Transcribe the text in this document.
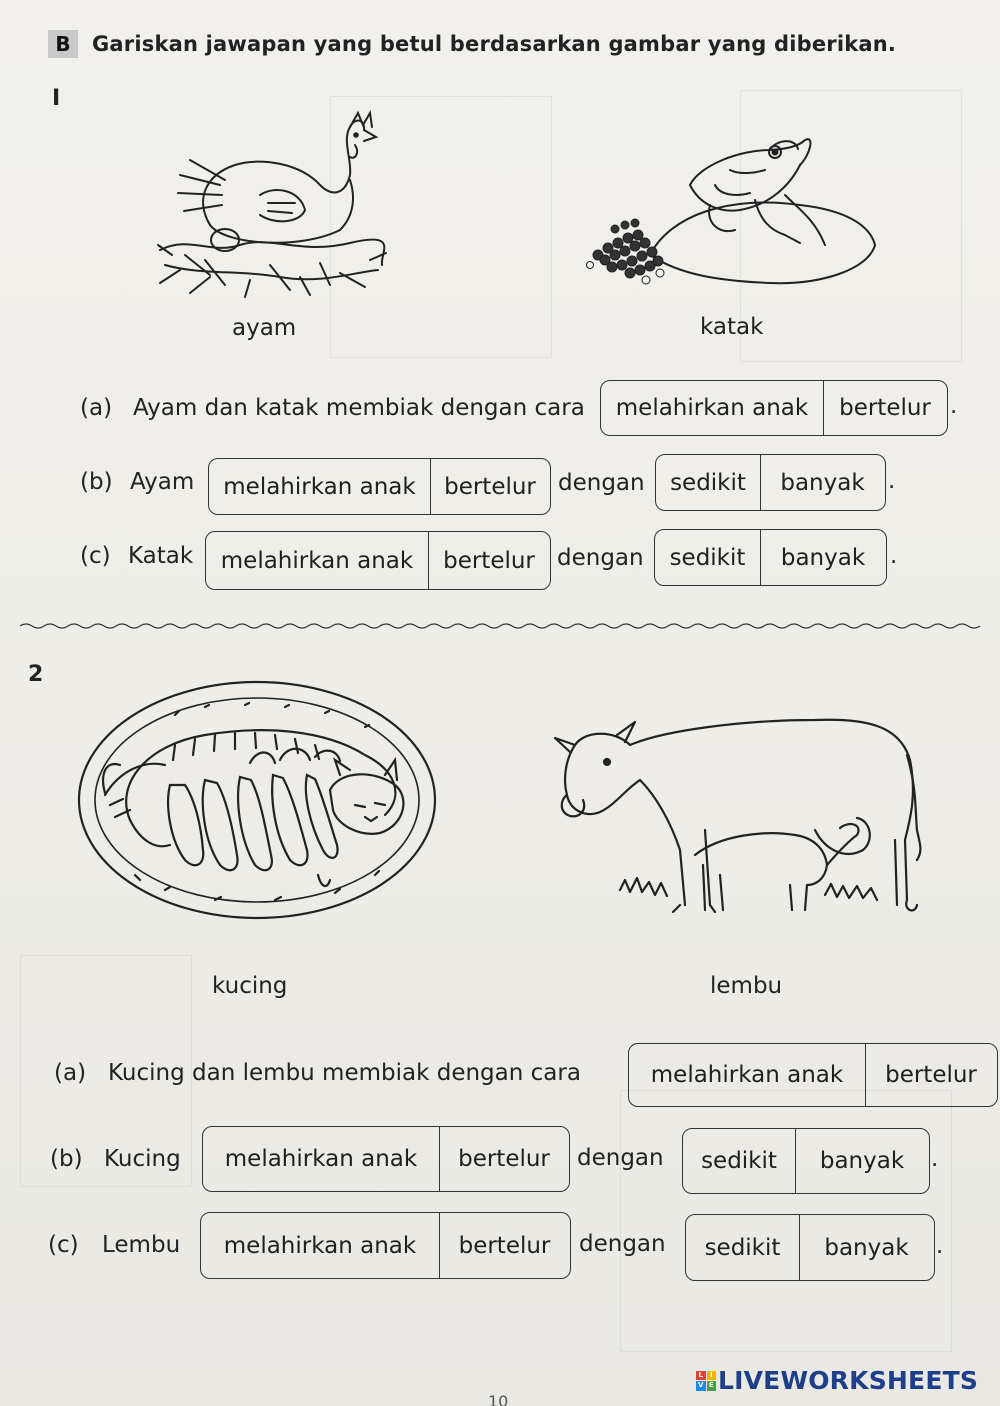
B	Gariskan jawapan yang betul berdasarkan gambar yang diberikan.
I
ayam	katak
(a) Ayam dan katak membiak dengan cara	melahirkan anak	bertelur .
(b) Ayam	melahirkan anak	bertelur dengan	sedikit	banyak	.
(c) Katak	melahirkan anak	bertelur dengan	sedikit	banyak	.
2
kucing	lembu
(a) Kucing dan lembu membiak dengan cara	melahirkan anak	bertelur
(b) Kucing	melahirkan anak	bertelur	dengan	sedikit	banyak	.
(c) Lembu	melahirkan anak	bertelur	dengan	sedikit	banyak	.
L I
V E LIVEWORKSHEETS
10
